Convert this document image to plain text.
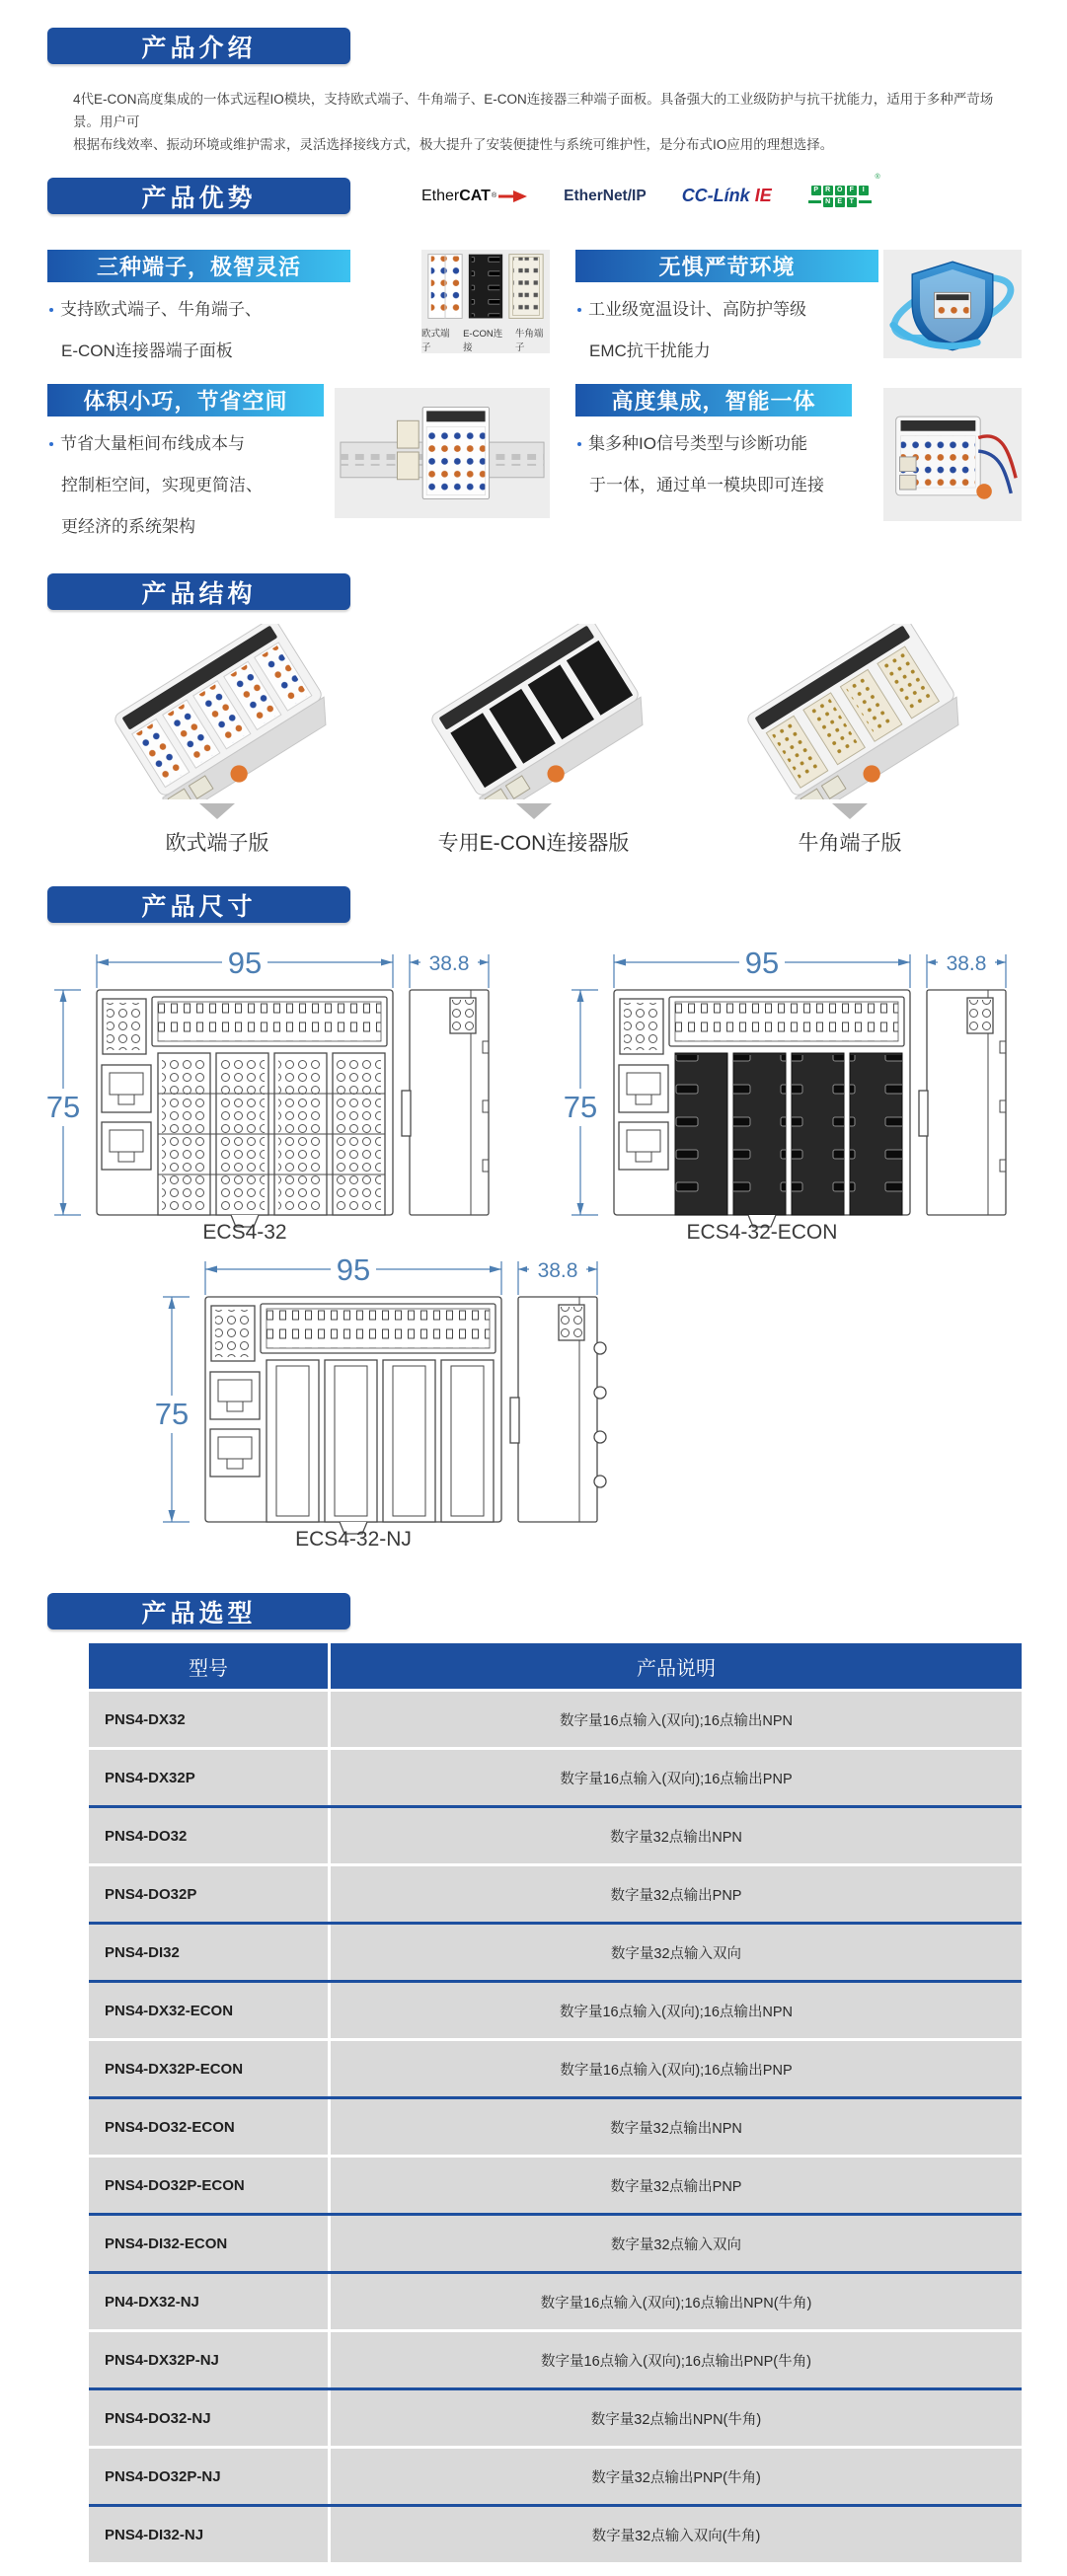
产品介绍
4代E-CON高度集成的一体式远程IO模块，支持欧式端子、牛角端子、E-CON连接器三种端子面板。具备强大的工业级防护与抗干扰能力，适用于多种严苛场景。用户可
根据布线效率、振动环境或维护需求，灵活选择接线方式，极大提升了安装便捷性与系统可维护性，是分布式IO应用的理想选择。
产品优势	Ether CAT ®	EtherNet/IP CC-Línk IE
®
P R O F I
N E T
三种端子，极智灵活
支持欧式端子、牛角端子、
E-CON连接器端子面板
欧式端子
E-CON连接
牛角端子
无惧严苛环境
工业级宽温设计、高防护等级
EMC抗干扰能力
体积小巧，节省空间
节省大量柜间布线成本与
控制柜空间，实现更简洁、
更经济的系统架构
高度集成，智能一体
集多种IO信号类型与诊断功能
于一体，通过单一模块即可连接
产品结构
欧式端子版	专用E-CON连接器版	牛角端子版
产品尺寸
95
75
38.8
ECS4-32
95
75
38.8
ECS4-32-ECON
95
75
38.8
ECS4-32-NJ
产品选型
型号	产品说明
PNS4-DX32	数字量16点输入(双向);16点输出NPN
PNS4-DX32P	数字量16点输入(双向);16点输出PNP
PNS4-DO32	数字量32点输出NPN
PNS4-DO32P	数字量32点输出PNP
PNS4-DI32	数字量32点输入双向
PNS4-DX32-ECON	数字量16点输入(双向);16点输出NPN
PNS4-DX32P-ECON	数字量16点输入(双向);16点输出PNP
PNS4-DO32-ECON	数字量32点输出NPN
PNS4-DO32P-ECON	数字量32点输出PNP
PNS4-DI32-ECON	数字量32点输入双向
PN4-DX32-NJ	数字量16点输入(双向);16点输出NPN(牛角)
PNS4-DX32P-NJ	数字量16点输入(双向);16点输出PNP(牛角)
PNS4-DO32-NJ	数字量32点输出NPN(牛角)
PNS4-DO32P-NJ	数字量32点输出PNP(牛角)
PNS4-DI32-NJ	数字量32点输入双向(牛角)
